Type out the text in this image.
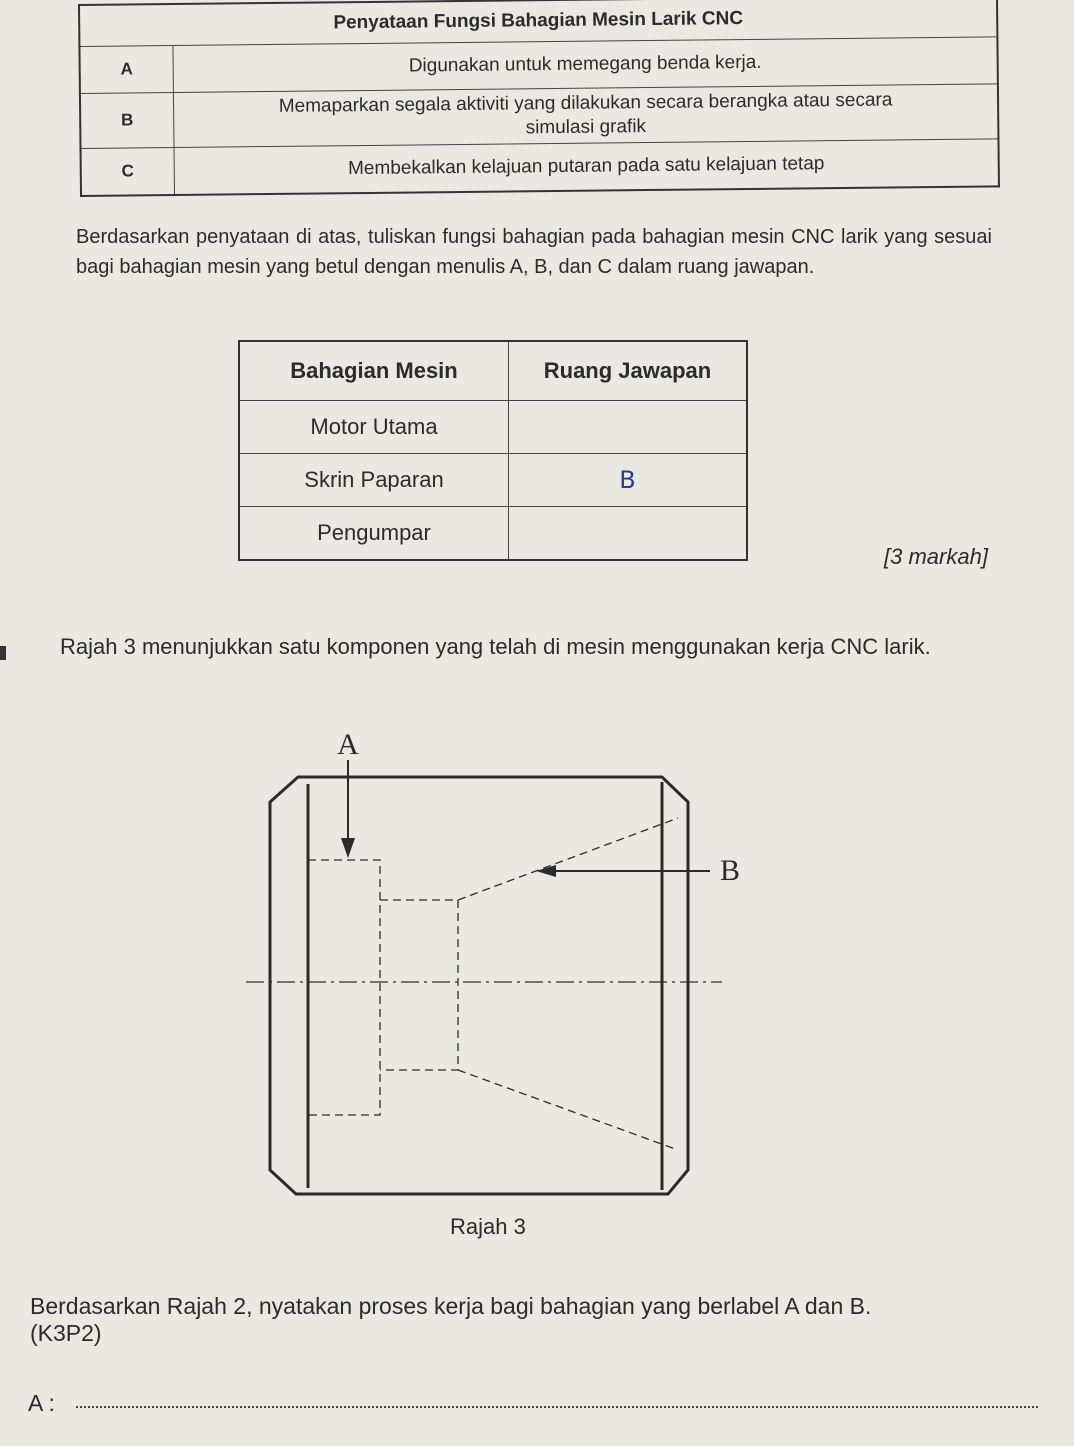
Penyataan Fungsi Bahagian Mesin Larik CNC	
A	Digunakan untuk memegang benda kerja.
B	Memaparkan segala aktiviti yang dilakukan secara berangka atau secara
simulasi grafik
C	Membekalkan kelajuan putaran pada satu kelajuan tetap
Berdasarkan penyataan di atas, tuliskan fungsi bahagian pada bahagian mesin CNC larik yang sesuai bagi bahagian mesin yang betul dengan menulis A, B, dan C dalam ruang jawapan.
Bahagian Mesin	Ruang Jawapan
Motor Utama	
Skrin Paparan	B
Pengumpar	
[3 markah]
Rajah 3 menunjukkan satu komponen yang telah di mesin menggunakan kerja CNC larik.
A
B
Rajah 3
Berdasarkan Rajah 2, nyatakan proses kerja bagi bahagian yang berlabel A dan B.
(K3P2)
A :
